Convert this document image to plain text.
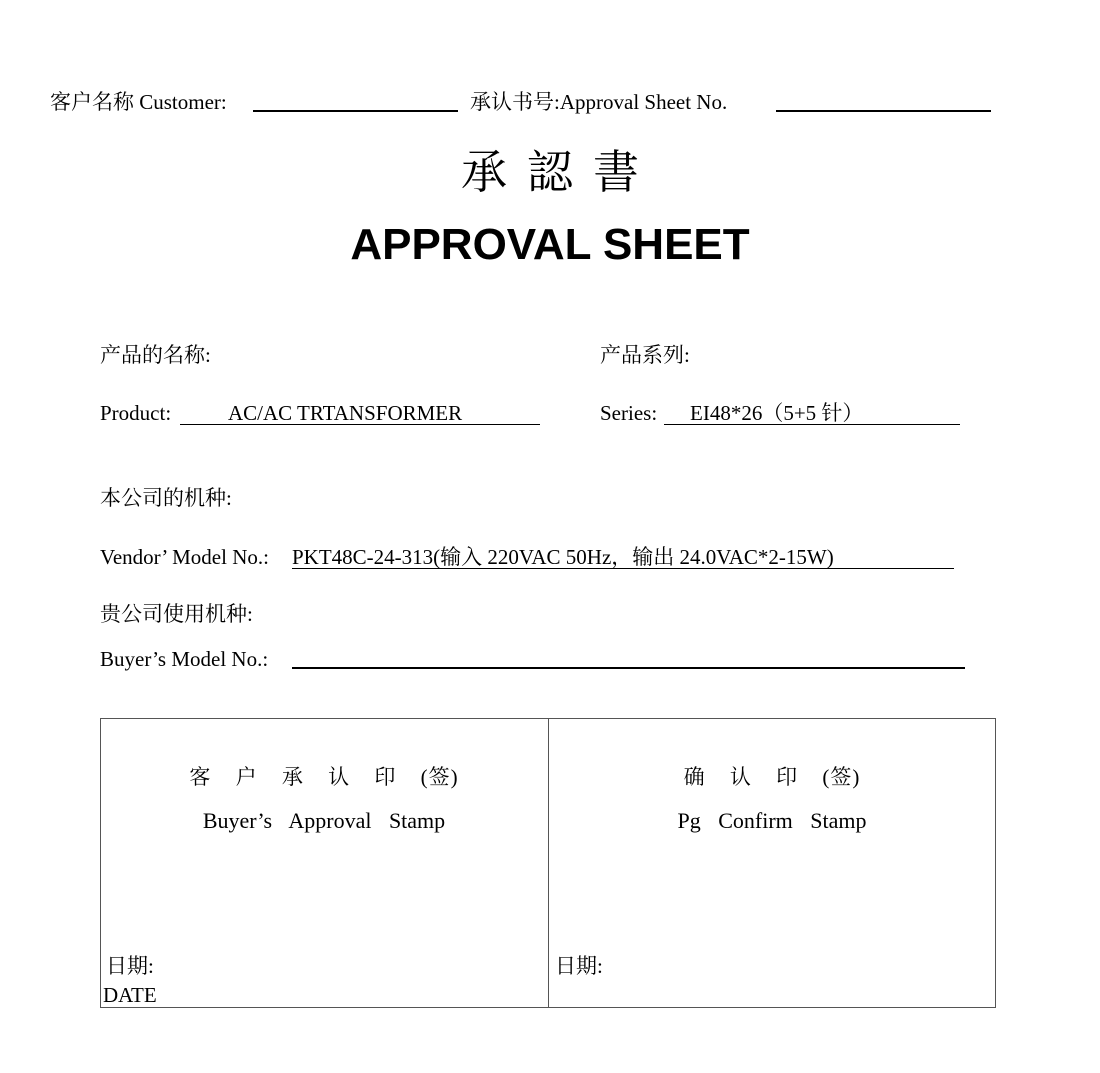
客户名称 Customer:	承认书号:Approval Sheet No.
承認書
APPROVAL SHEET
产品的名称:	产品系列:
Product:	AC/AC TRTANSFORMER	Series: EI48*26（5+5 针）
本公司的机种:
Vendor’ Model No.: PKT48C-24-313(输入 220VAC 50Hz，输出 24.0VAC*2-15W)
贵公司使用机种:
Buyer’s Model No.:
客 户 承 认 印 (签)
Buyer’s Approval Stamp
日期:
DATE
确 认 印 (签)
Pg Confirm Stamp
日期:
